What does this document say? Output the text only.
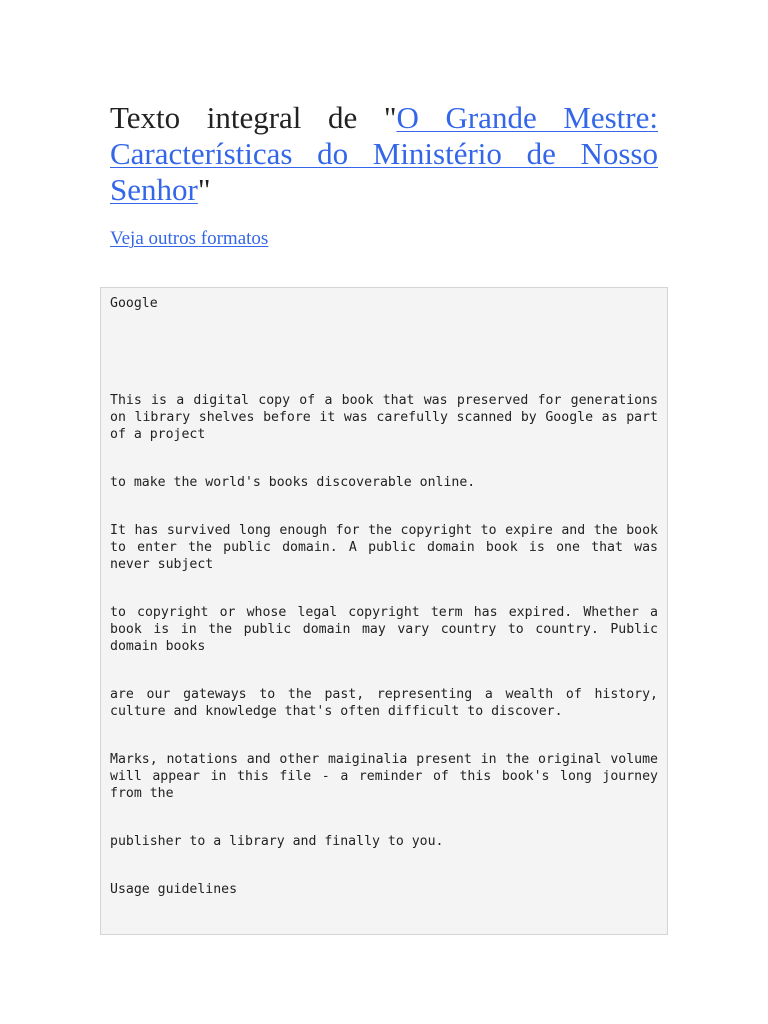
Texto integral de "O Grande Mestre: Características do Ministério de Nosso Senhor"
Veja outros formatos

Google

This is a digital copy of a book that was preserved for generations on library shelves before it was carefully scanned by Google as part of a project

to make the world's books discoverable online.

It has survived long enough for the copyright to expire and the book to enter the public domain. A public domain book is one that was never subject

to copyright or whose legal copyright term has expired. Whether a book is in the public domain may vary country to country. Public domain books

are our gateways to the past, representing a wealth of history, culture and knowledge that's often difficult to discover.

Marks, notations and other maiginalia present in the original volume will appear in this file - a reminder of this book's long journey from the

publisher to a library and finally to you.

Usage guidelines
